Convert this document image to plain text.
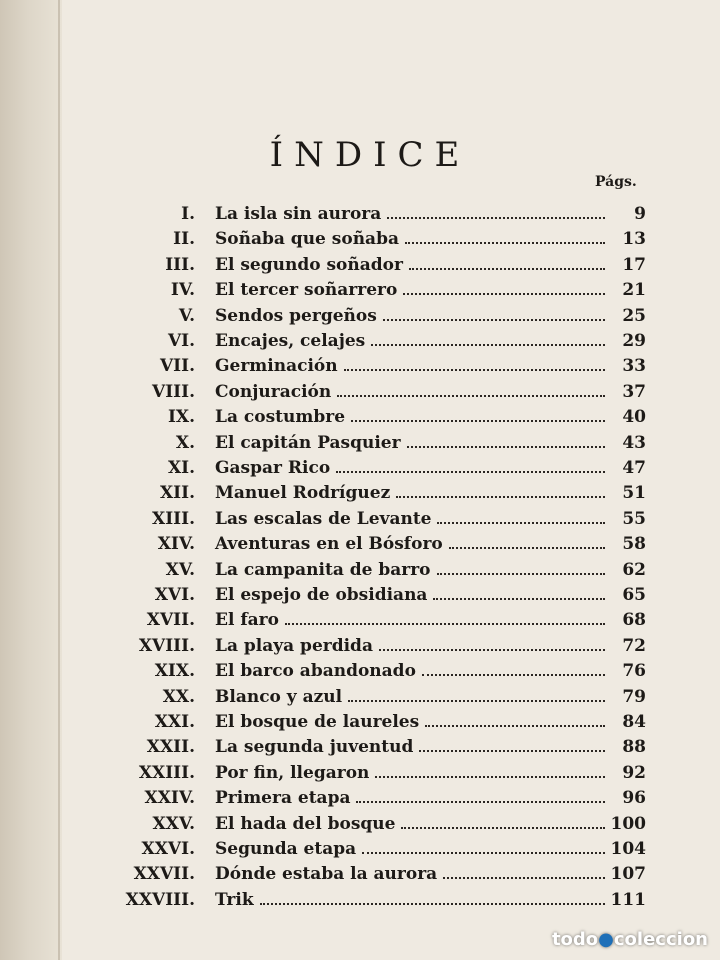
ÍNDICE
Págs.
I. La isla sin aurora	9
II. Soñaba que soñaba	13
III. El segundo soñador	17
IV. El tercer soñarrero	21
V. Sendos pergeños	25
VI. Encajes, celajes	29
VII. Germinación	33
VIII. Conjuración	37
IX. La costumbre	40
X. El capitán Pasquier	43
XI. Gaspar Rico	47
XII. Manuel Rodríguez	51
XIII. Las escalas de Levante	55
XIV. Aventuras en el Bósforo	58
XV. La campanita de barro	62
XVI. El espejo de obsidiana	65
XVII. El faro	68
XVIII. La playa perdida	72
XIX. El barco abandonado	76
XX. Blanco y azul	79
XXI. El bosque de laureles	84
XXII. La segunda juventud	88
XXIII. Por fin, llegaron	92
XXIV. Primera etapa	96
XXV. El hada del bosque	100
XXVI. Segunda etapa	104
XXVII. Dónde estaba la aurora	107
XXVIII. Trik	111
todo●coleccion
